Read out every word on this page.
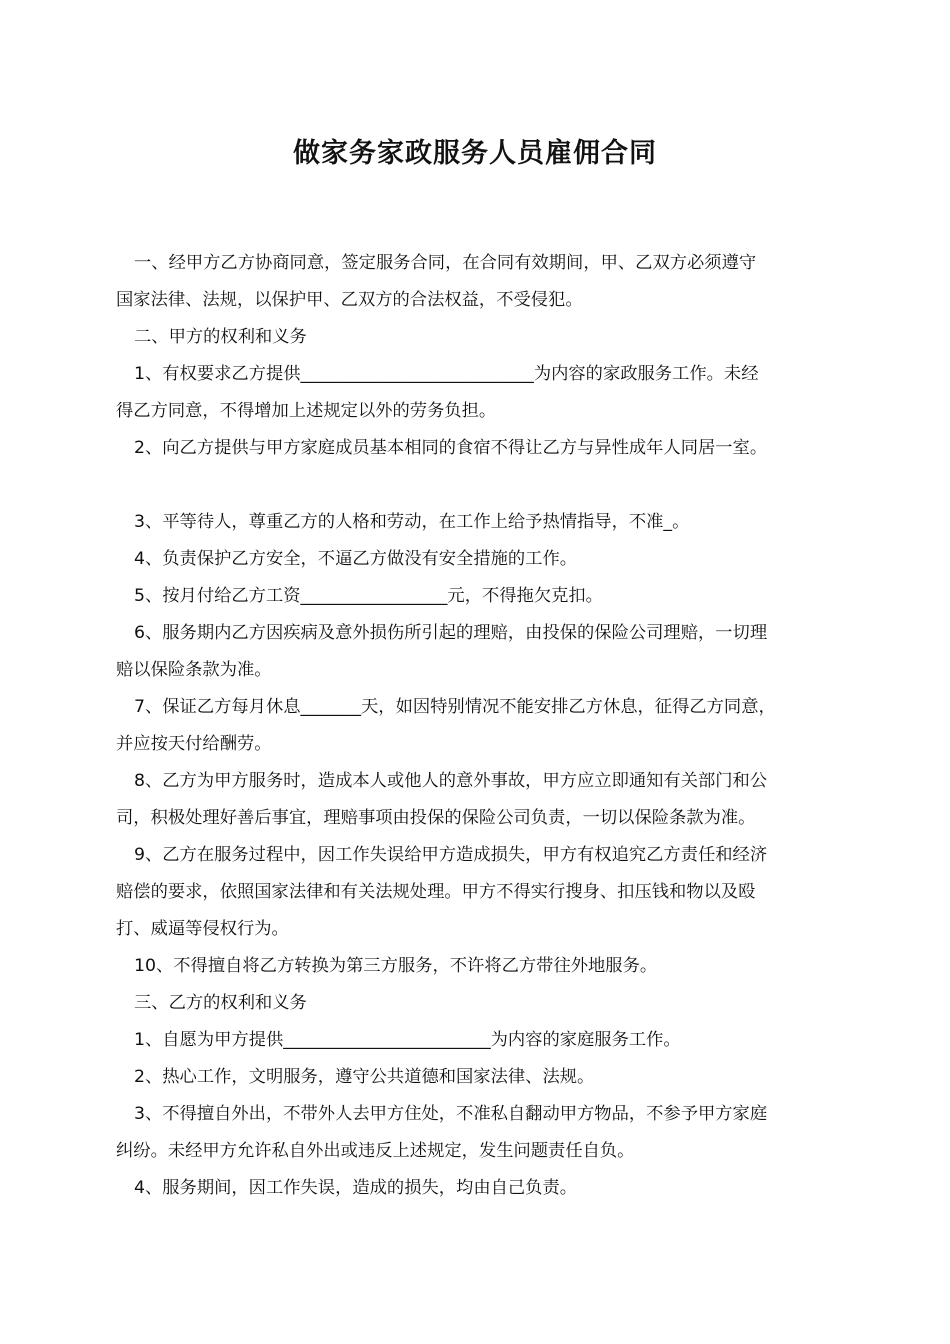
做家务家政服务人员雇佣合同

一、经甲方乙方协商同意，签定服务合同，在合同有效期间，甲、乙双方必须遵守

国家法律、法规，以保护甲、乙双方的合法权益，不受侵犯。

二、甲方的权利和义务

1、有权要求乙方提供___________________________为内容的家政服务工作。未经

得乙方同意，不得增加上述规定以外的劳务负担。

2、向乙方提供与甲方家庭成员基本相同的食宿不得让乙方与异性成年人同居一室。

3、平等待人，尊重乙方的人格和劳动，在工作上给予热情指导，不准_。

4、负责保护乙方安全，不逼乙方做没有安全措施的工作。

5、按月付给乙方工资_________________元，不得拖欠克扣。

6、服务期内乙方因疾病及意外损伤所引起的理赔，由投保的保险公司理赔，一切理

赔以保险条款为准。

7、保证乙方每月休息_______天，如因特别情况不能安排乙方休息，征得乙方同意，

并应按天付给酬劳。

8、乙方为甲方服务时，造成本人或他人的意外事故，甲方应立即通知有关部门和公

司，积极处理好善后事宜，理赔事项由投保的保险公司负责，一切以保险条款为准。

9、乙方在服务过程中，因工作失误给甲方造成损失，甲方有权追究乙方责任和经济

赔偿的要求，依照国家法律和有关法规处理。甲方不得实行搜身、扣压钱和物以及殴

打、威逼等侵权行为。

10、不得擅自将乙方转换为第三方服务，不许将乙方带往外地服务。

三、乙方的权利和义务

1、自愿为甲方提供________________________为内容的家庭服务工作。

2、热心工作，文明服务，遵守公共道德和国家法律、法规。

3、不得擅自外出，不带外人去甲方住处，不准私自翻动甲方物品，不参予甲方家庭

纠纷。未经甲方允许私自外出或违反上述规定，发生问题责任自负。

4、服务期间，因工作失误，造成的损失，均由自己负责。
